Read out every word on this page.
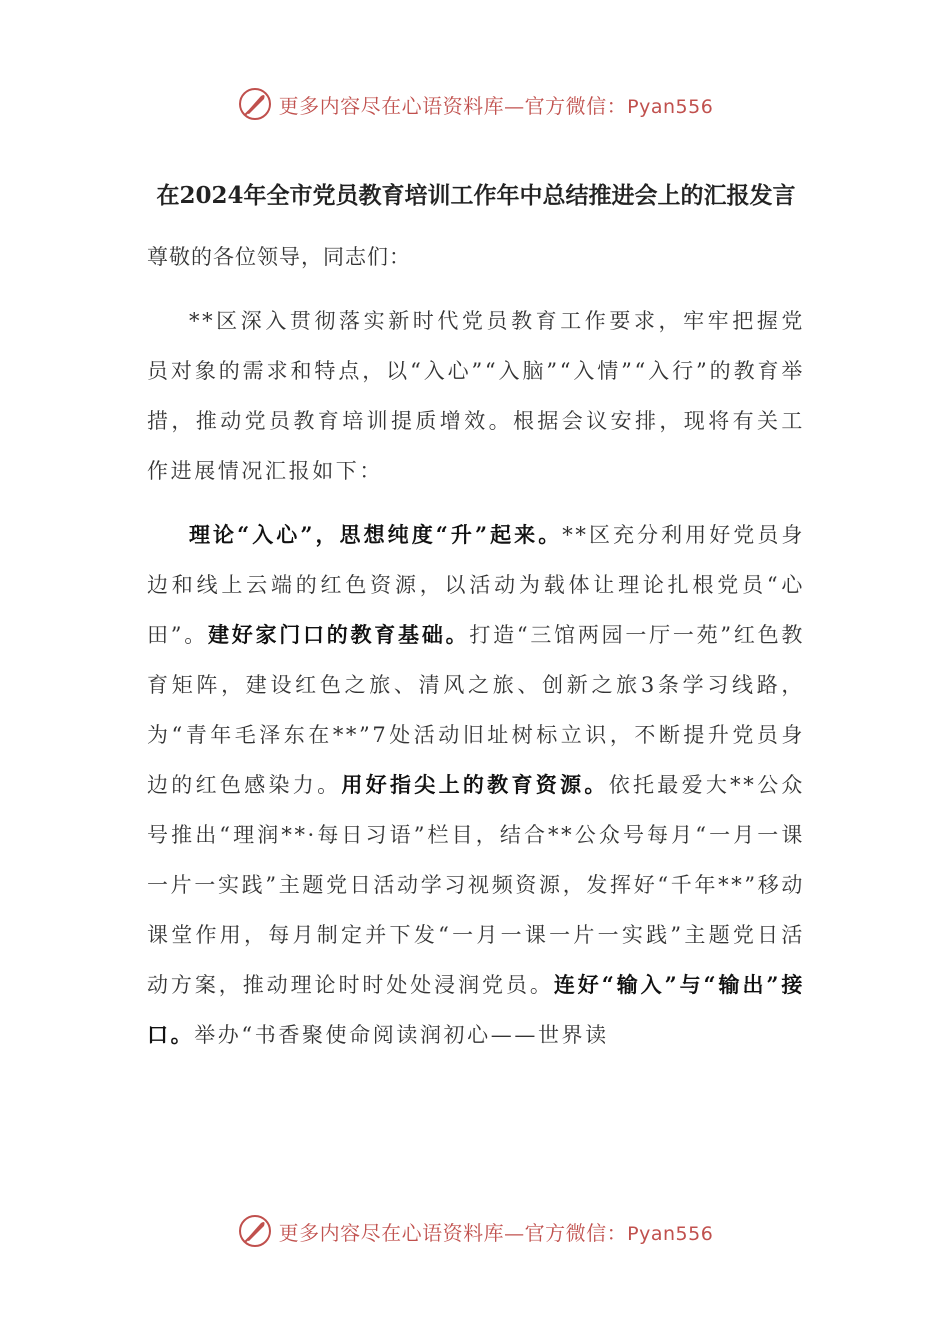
更多内容尽在心语资料库—官方微信：Pyan556
在2024年全市党员教育培训工作年中总结推进会上的汇报发言
尊敬的各位领导，同志们：
**区深入贯彻落实新时代党员教育工作要求，牢牢把握党员对象的需求和特点，以“入心”“入脑”“入情”“入行”的教育举措，推动党员教育培训提质增效。根据会议安排，现将有关工作进展情况汇报如下：
理论“入心”，思想纯度“升”起来。**区充分利用好党员身边和线上云端的红色资源，以活动为载体让理论扎根党员“心田”。建好家门口的教育基础。打造“三馆两园一厅一苑”红色教育矩阵，建设红色之旅、清风之旅、创新之旅3条学习线路，为“青年毛泽东在**”7处活动旧址树标立识，不断提升党员身边的红色感染力。用好指尖上的教育资源。依托最爱大**公众号推出“理润**·每日习语”栏目，结合**公众号每月“一月一课一片一实践”主题党日活动学习视频资源，发挥好“千年**”移动课堂作用，每月制定并下发“一月一课一片一实践”主题党日活动方案，推动理论时时处处浸润党员。连好“输入”与“输出”接口。举办“书香聚使命阅读润初心——世界读
更多内容尽在心语资料库—官方微信：Pyan556
